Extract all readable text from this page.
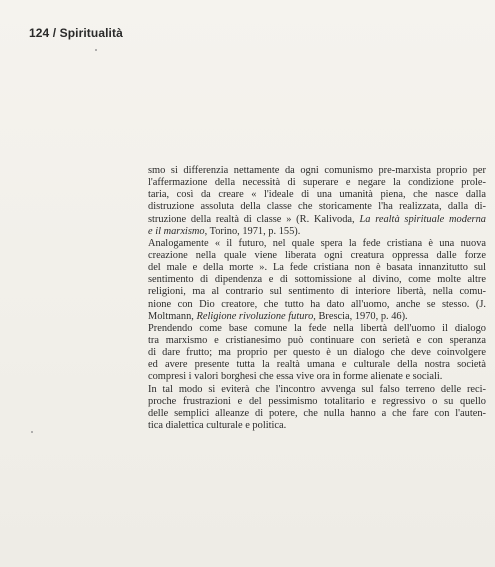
124 / Spiritualità
smo si differenzia nettamente da ogni comunismo pre-marxista proprio per
l'affermazione della necessità di superare e negare la condizione prole-
taria, così da creare « l'ideale di una umanità piena, che nasce dalla
distruzione assoluta della classe che storicamente l'ha realizzata, dalla di-
struzione della realtà di classe » (R. Kalivoda, La realtà spirituale moderna
e il marxismo, Torino, 1971, p. 155).
Analogamente « il futuro, nel quale spera la fede cristiana è una nuova
creazione nella quale viene liberata ogni creatura oppressa dalle forze
del male e della morte ». La fede cristiana non è basata innanzitutto sul
sentimento di dipendenza e di sottomissione al divino, come molte altre
religioni, ma al contrario sul sentimento di interiore libertà, nella comu-
nione con Dio creatore, che tutto ha dato all'uomo, anche se stesso. (J.
Moltmann, Religione rivoluzione futuro, Brescia, 1970, p. 46).
Prendendo come base comune la fede nella libertà dell'uomo il dialogo
tra marxismo e cristianesimo può continuare con serietà e con speranza
di dare frutto; ma proprio per questo è un dialogo che deve coinvolgere
ed avere presente tutta la realtà umana e culturale della nostra società
compresi i valori borghesi che essa vive ora in forme alienate e sociali.
In tal modo si eviterà che l'incontro avvenga sul falso terreno delle reci-
proche frustrazioni e del pessimismo totalitario e regressivo o su quello
delle semplici alleanze di potere, che nulla hanno a che fare con l'auten-
tica dialettica culturale e politica.
